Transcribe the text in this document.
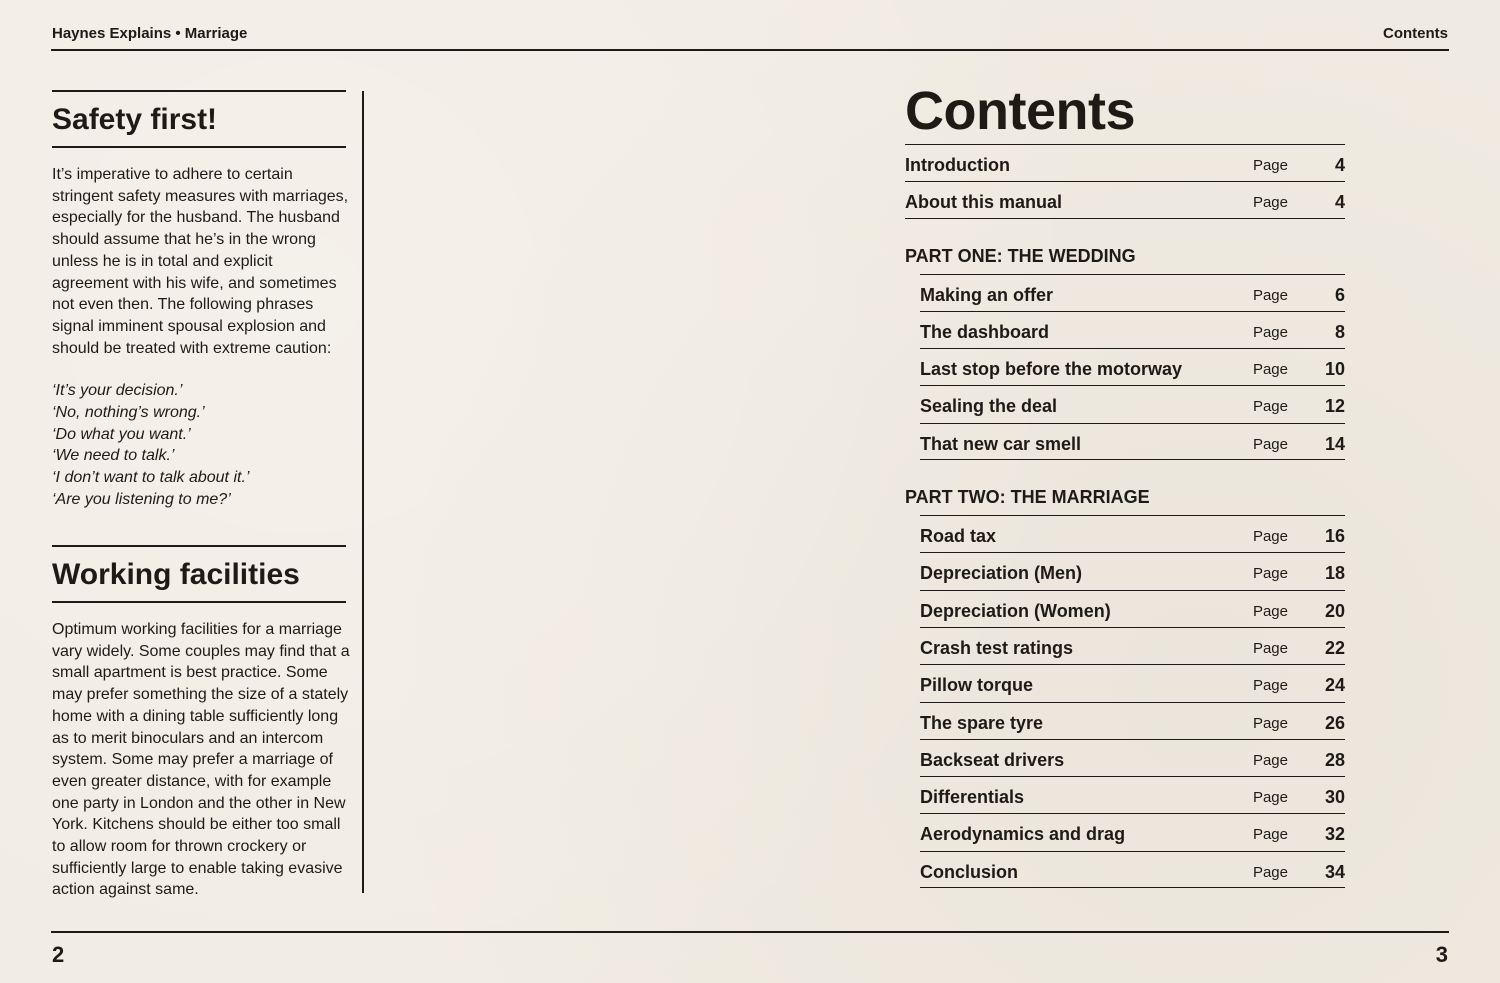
Haynes Explains • Marriage	Contents
Safety first!
It’s imperative to adhere to certain stringent safety measures with marriages, especially for the husband. The husband should assume that he’s in the wrong unless he is in total and explicit agreement with his wife, and sometimes not even then. The following phrases signal imminent spousal explosion and should be treated with extreme caution:
‘It’s your decision.’
‘No, nothing’s wrong.’
‘Do what you want.’
‘We need to talk.’
‘I don’t want to talk about it.’
‘Are you listening to me?’
Working facilities
Optimum working facilities for a marriage vary widely. Some couples may find that a small apartment is best practice. Some may prefer something the size of a stately home with a dining table sufficiently long as to merit binoculars and an intercom system. Some may prefer a marriage of even greater distance, with for example one party in London and the other in New York. Kitchens should be either too small to allow room for thrown crockery or sufficiently large to enable taking evasive action against same.
Contents
Introduction	Page	4
About this manual	Page	4
PART ONE: THE WEDDING
Making an offer	Page	6
The dashboard	Page	8
Last stop before the motorway	Page 10
Sealing the deal	Page 12
That new car smell	Page 14
PART TWO: THE MARRIAGE
Road tax	Page 16
Depreciation (Men)	Page 18
Depreciation (Women)	Page 20
Crash test ratings	Page 22
Pillow torque	Page 24
The spare tyre	Page 26
Backseat drivers	Page 28
Differentials	Page 30
Aerodynamics and drag	Page 32
Conclusion	Page 34
2	3
